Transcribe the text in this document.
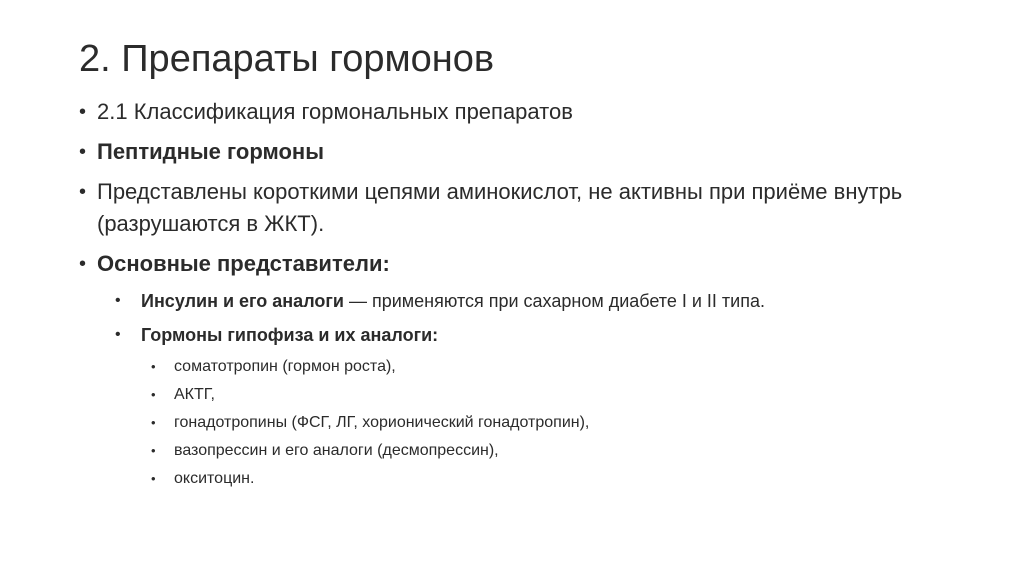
2. Препараты гормонов
• 2.1 Классификация гормональных препаратов
• Пептидные гормоны
• Представлены короткими цепями аминокислот, не активны при приёме внутрь (разрушаются в ЖКТ).
• Основные представители:
• Инсулин и его аналоги — применяются при сахарном диабете I и II типа.
• Гормоны гипофиза и их аналоги:
• соматотропин (гормон роста),
• АКТГ,
• гонадотропины (ФСГ, ЛГ, хорионический гонадотропин),
• вазопрессин и его аналоги (десмопрессин),
• окситоцин.
